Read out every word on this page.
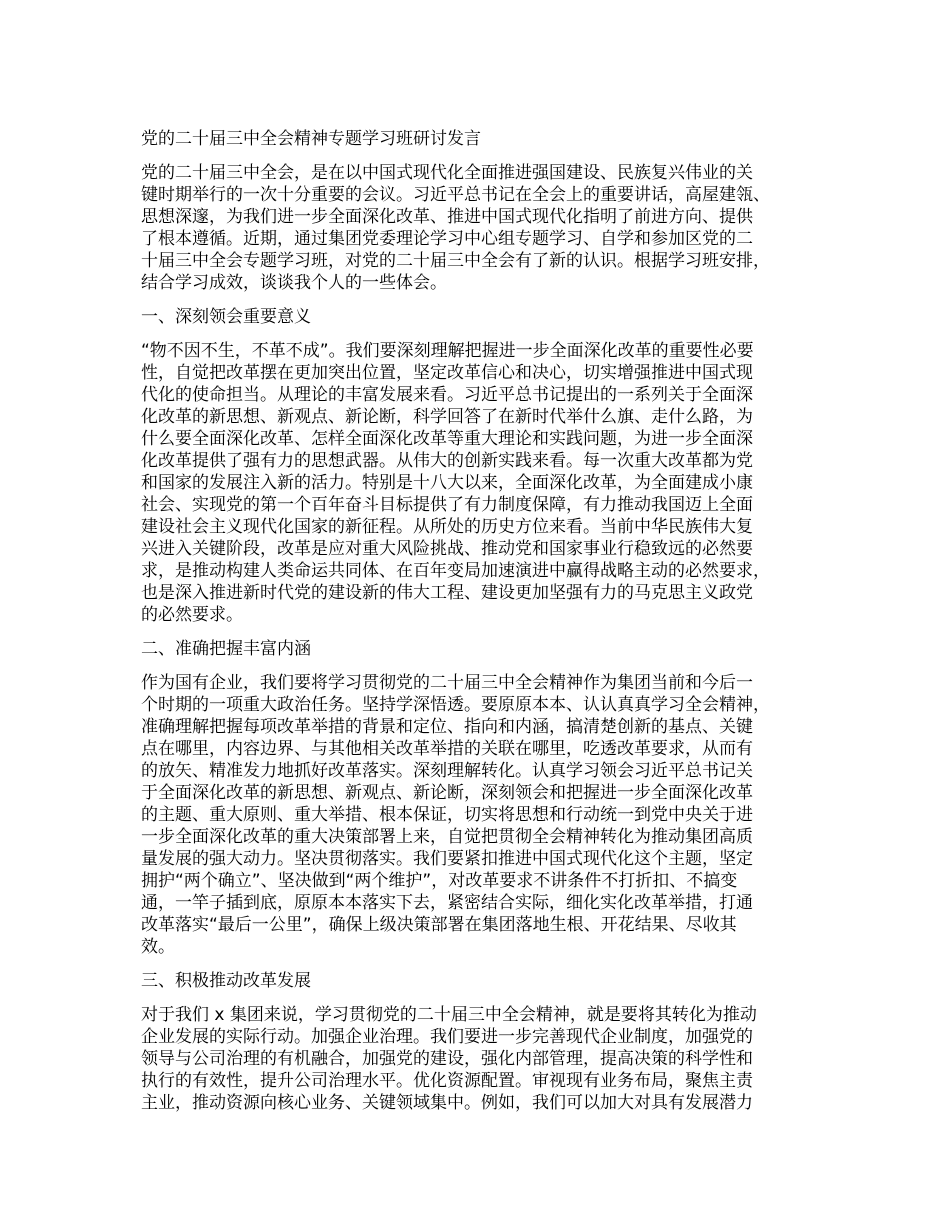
党的二十届三中全会精神专题学习班研讨发言
党的二十届三中全会，是在以中国式现代化全面推进强国建设、民族复兴伟业的关
键时期举行的一次十分重要的会议。习近平总书记在全会上的重要讲话，高屋建瓴、
思想深邃，为我们进一步全面深化改革、推进中国式现代化指明了前进方向、提供
了根本遵循。近期，通过集团党委理论学习中心组专题学习、自学和参加区党的二
十届三中全会专题学习班，对党的二十届三中全会有了新的认识。根据学习班安排，
结合学习成效，谈谈我个人的一些体会。
一、深刻领会重要意义
“物不因不生，不革不成”。我们要深刻理解把握进一步全面深化改革的重要性必要
性，自觉把改革摆在更加突出位置，坚定改革信心和决心，切实增强推进中国式现
代化的使命担当。从理论的丰富发展来看。习近平总书记提出的一系列关于全面深
化改革的新思想、新观点、新论断，科学回答了在新时代举什么旗、走什么路，为
什么要全面深化改革、怎样全面深化改革等重大理论和实践问题，为进一步全面深
化改革提供了强有力的思想武器。从伟大的创新实践来看。每一次重大改革都为党
和国家的发展注入新的活力。特别是十八大以来，全面深化改革，为全面建成小康
社会、实现党的第一个百年奋斗目标提供了有力制度保障，有力推动我国迈上全面
建设社会主义现代化国家的新征程。从所处的历史方位来看。当前中华民族伟大复
兴进入关键阶段，改革是应对重大风险挑战、推动党和国家事业行稳致远的必然要
求，是推动构建人类命运共同体、在百年变局加速演进中赢得战略主动的必然要求，
也是深入推进新时代党的建设新的伟大工程、建设更加坚强有力的马克思主义政党
的必然要求。
二、准确把握丰富内涵
作为国有企业，我们要将学习贯彻党的二十届三中全会精神作为集团当前和今后一
个时期的一项重大政治任务。坚持学深悟透。要原原本本、认认真真学习全会精神，
准确理解把握每项改革举措的背景和定位、指向和内涵，搞清楚创新的基点、关键
点在哪里，内容边界、与其他相关改革举措的关联在哪里，吃透改革要求，从而有
的放矢、精准发力地抓好改革落实。深刻理解转化。认真学习领会习近平总书记关
于全面深化改革的新思想、新观点、新论断，深刻领会和把握进一步全面深化改革
的主题、重大原则、重大举措、根本保证，切实将思想和行动统一到党中央关于进
一步全面深化改革的重大决策部署上来，自觉把贯彻全会精神转化为推动集团高质
量发展的强大动力。坚决贯彻落实。我们要紧扣推进中国式现代化这个主题，坚定
拥护“两个确立”、坚决做到“两个维护”，对改革要求不讲条件不打折扣、不搞变
通，一竿子插到底，原原本本落实下去，紧密结合实际，细化实化改革举措，打通
改革落实“最后一公里”，确保上级决策部署在集团落地生根、开花结果、尽收其
效。
三、积极推动改革发展
对于我们 x 集团来说，学习贯彻党的二十届三中全会精神，就是要将其转化为推动
企业发展的实际行动。加强企业治理。我们要进一步完善现代企业制度，加强党的
领导与公司治理的有机融合，加强党的建设，强化内部管理，提高决策的科学性和
执行的有效性，提升公司治理水平。优化资源配置。审视现有业务布局，聚焦主责
主业，推动资源向核心业务、关键领域集中。例如，我们可以加大对具有发展潜力
